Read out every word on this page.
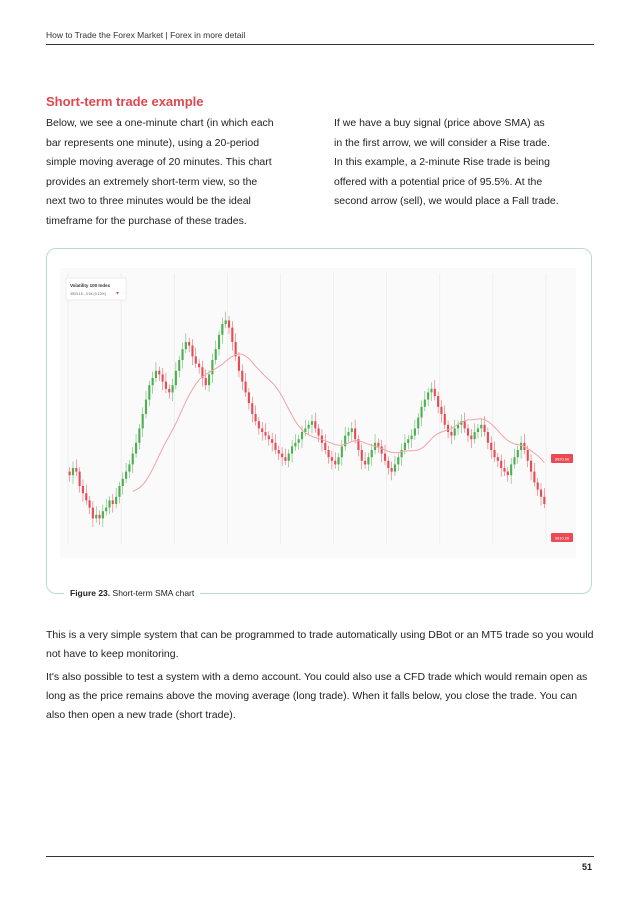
How to Trade the Forex Market | Forex in more detail
Short-term trade example

Below, we see a one-minute chart (in which each
bar represents one minute), using a 20-period
simple moving average of 20 minutes. This chart
provides an extremely short-term view, so the
next two to three minutes would be the ideal
timeframe for the purchase of these trades.

If we have a buy signal (price above SMA) as
in the first arrow, we will consider a Rise trade.
In this example, a 2-minute Rise trade is being
offered with a potential price of 95.5%. At the
second arrow (sell), we would place a Fall trade.

Volatility 100 Index
3903.15 - 3.94 (0.10%)
3920.00
3910.20
Figure 23. Short-term SMA chart
This is a very simple system that can be programmed to trade automatically using DBot or an MT5 trade so you would not have to keep monitoring.
It's also possible to test a system with a demo account. You could also use a CFD trade which would remain open as long as the price remains above the moving average (long trade). When it falls below, you close the trade. You can also then open a new trade (short trade).
51
